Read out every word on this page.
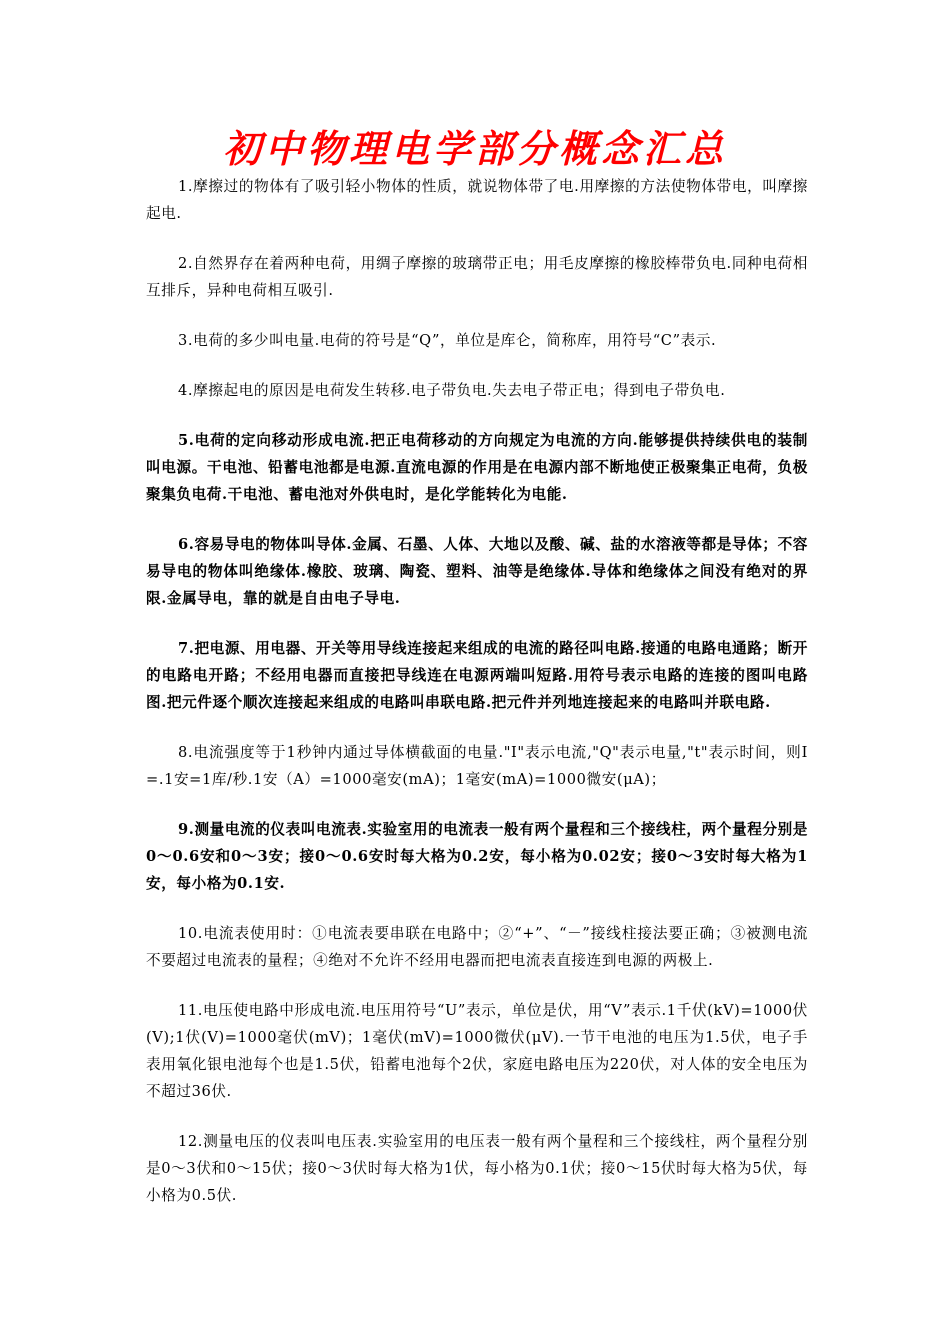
初中物理电学部分概念汇总

1.摩擦过的物体有了吸引轻小物体的性质，就说物体带了电.用摩擦的方法使物体带电，叫摩擦起电.

2.自然界存在着两种电荷，用绸子摩擦的玻璃带正电；用毛皮摩擦的橡胶棒带负电.同种电荷相互排斥，异种电荷相互吸引.

3.电荷的多少叫电量.电荷的符号是“Q”，单位是库仑，简称库，用符号“C”表示.

4.摩擦起电的原因是电荷发生转移.电子带负电.失去电子带正电；得到电子带负电.

5.电荷的定向移动形成电流.把正电荷移动的方向规定为电流的方向.能够提供持续供电的装制叫电源。干电池、铅蓄电池都是电源.直流电源的作用是在电源内部不断地使正极聚集正电荷，负极聚集负电荷.干电池、蓄电池对外供电时，是化学能转化为电能.

6.容易导电的物体叫导体.金属、石墨、人体、大地以及酸、碱、盐的水溶液等都是导体；不容易导电的物体叫绝缘体.橡胶、玻璃、陶瓷、塑料、油等是绝缘体.导体和绝缘体之间没有绝对的界限.金属导电，靠的就是自由电子导电.

7.把电源、用电器、开关等用导线连接起来组成的电流的路径叫电路.接通的电路电通路；断开的电路电开路；不经用电器而直接把导线连在电源两端叫短路.用符号表示电路的连接的图叫电路图.把元件逐个顺次连接起来组成的电路叫串联电路.把元件并列地连接起来的电路叫并联电路.

8.电流强度等于1秒钟内通过导体横截面的电量."I"表示电流,"Q"表示电量,"t"表示时间，则I=.1安=1库/秒.1安（A）=1000毫安(mA)；1毫安(mA)=1000微安(μA)；

9.测量电流的仪表叫电流表.实验室用的电流表一般有两个量程和三个接线柱，两个量程分别是0～0.6安和0～3安；接0～0.6安时每大格为0.2安，每小格为0.02安；接0～3安时每大格为1安，每小格为0.1安.

10.电流表使用时：①电流表要串联在电路中；②“+”、“－”接线柱接法要正确；③被测电流不要超过电流表的量程；④绝对不允许不经用电器而把电流表直接连到电源的两极上.

11.电压使电路中形成电流.电压用符号“U”表示，单位是伏，用“V”表示.1千伏(kV)=1000伏(V);1伏(V)=1000毫伏(mV)；1毫伏(mV)=1000微伏(μV).一节干电池的电压为1.5伏，电子手表用氧化银电池每个也是1.5伏，铅蓄电池每个2伏，家庭电路电压为220伏，对人体的安全电压为不超过36伏.

12.测量电压的仪表叫电压表.实验室用的电压表一般有两个量程和三个接线柱，两个量程分别是0～3伏和0～15伏；接0～3伏时每大格为1伏，每小格为0.1伏；接0～15伏时每大格为5伏，每小格为0.5伏.
